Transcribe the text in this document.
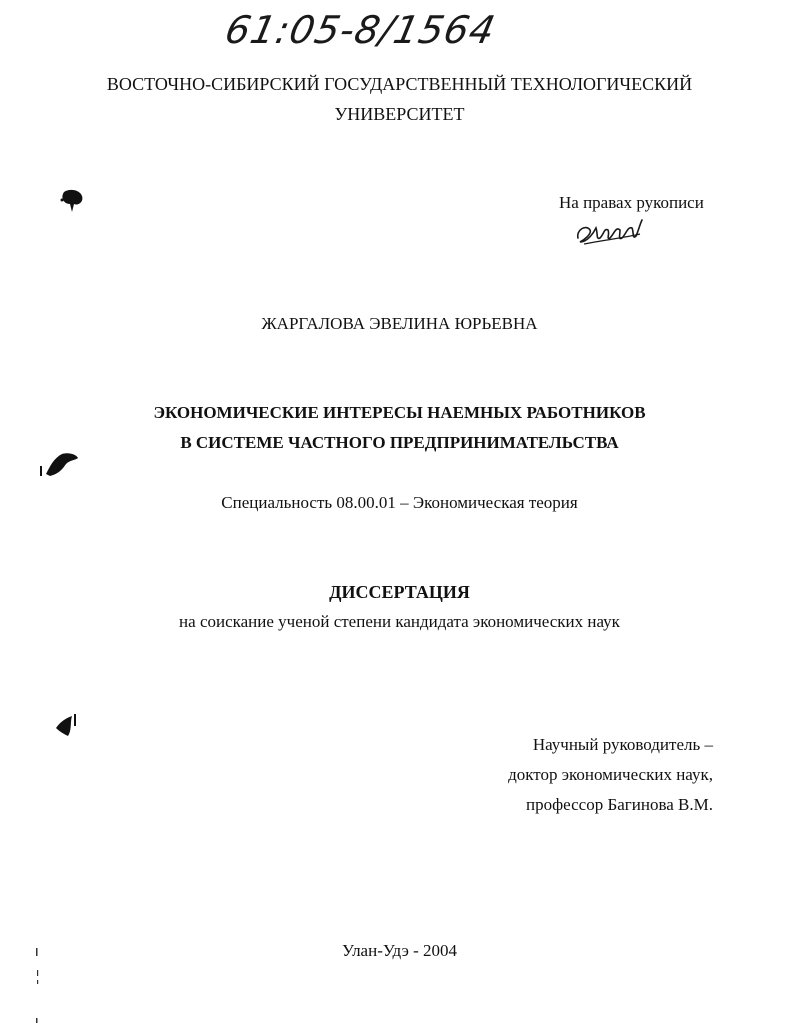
61:05-8/1564
ВОСТОЧНО-СИБИРСКИЙ ГОСУДАРСТВЕННЫЙ ТЕХНОЛОГИЧЕСКИЙ
УНИВЕРСИТЕТ
На правах рукописи
ЖАРГАЛОВА ЭВЕЛИНА ЮРЬЕВНА
ЭКОНОМИЧЕСКИЕ ИНТЕРЕСЫ НАЕМНЫХ РАБОТНИКОВ
В СИСТЕМЕ ЧАСТНОГО ПРЕДПРИНИМАТЕЛЬСТВА
Специальность 08.00.01 – Экономическая теория
ДИССЕРТАЦИЯ
на соискание ученой степени кандидата экономических наук
Научный руководитель –
доктор экономических наук,
профессор Багинова В.М.
Улан-Удэ - 2004
